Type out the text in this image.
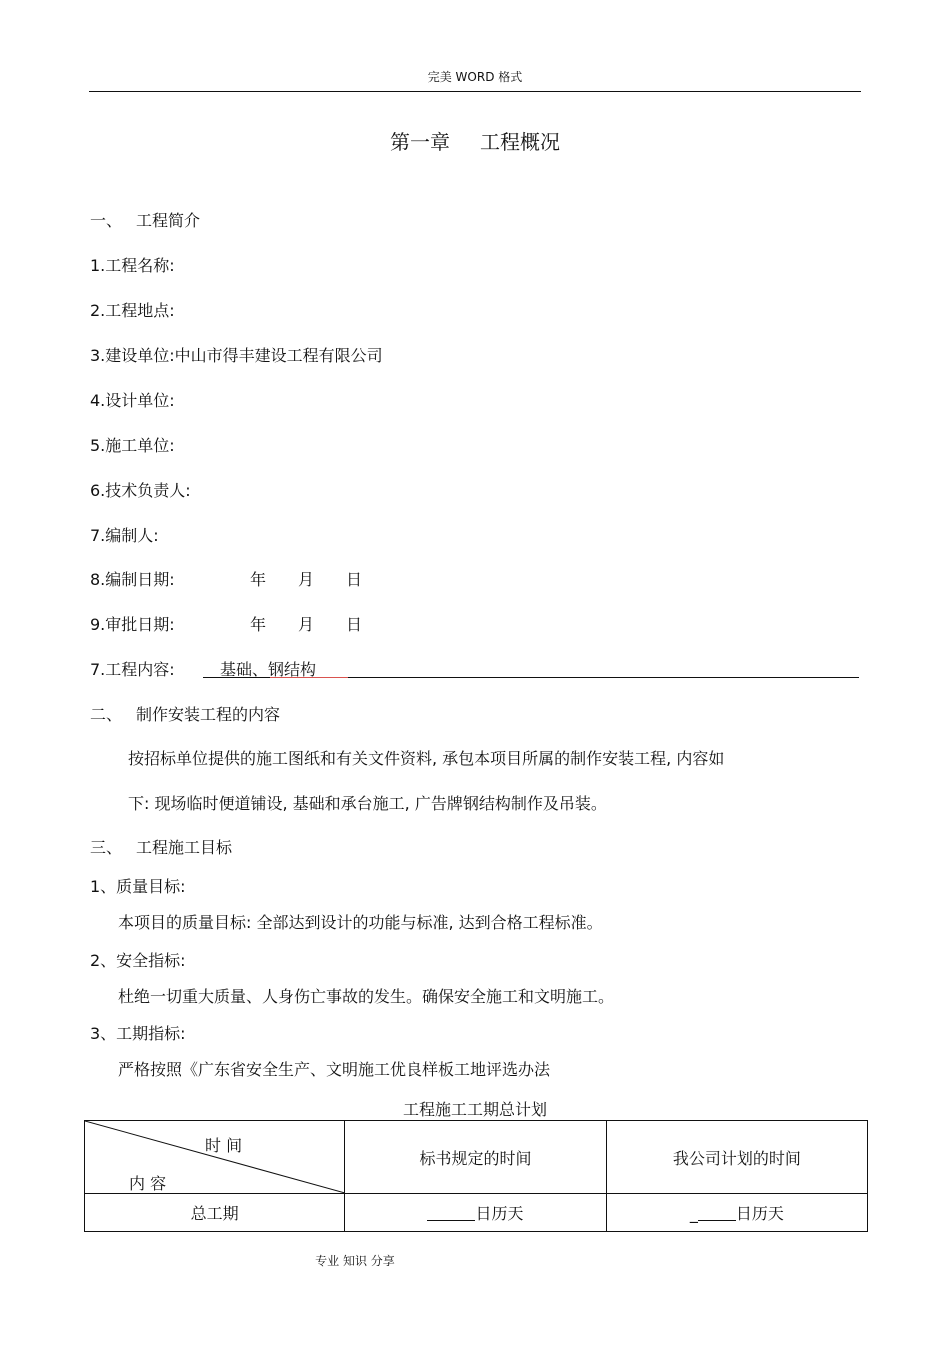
完美 WORD 格式
第一章 工程概况
一、 工程简介
1.工程名称:
2.工程地点:
3.建设单位:中山市得丰建设工程有限公司
4.设计单位:
5.施工单位:
6.技术负责人:
7.编制人:
8.编制日期:	年 月 日
9.审批日期:	年 月 日
7.工程内容:	基础、钢结构
二、 制作安装工程的内容
按招标单位提供的施工图纸和有关文件资料, 承包本项目所属的制作安装工程, 内容如
下: 现场临时便道铺设, 基础和承台施工, 广告牌钢结构制作及吊装。
三、 工程施工目标
1、质量目标:
本项目的质量目标: 全部达到设计的功能与标准, 达到合格工程标准。
2、安全指标:
杜绝一切重大质量、人身伤亡事故的发生。确保安全施工和文明施工。
3、工期指标:
严格按照《广东省安全生产、文明施工优良样板工地评选办法
工程施工工期总计划
时 间
内 容	标书规定的时间	我公司计划的时间
总工期	日历天	_ 日历天
专业 知识 分享
